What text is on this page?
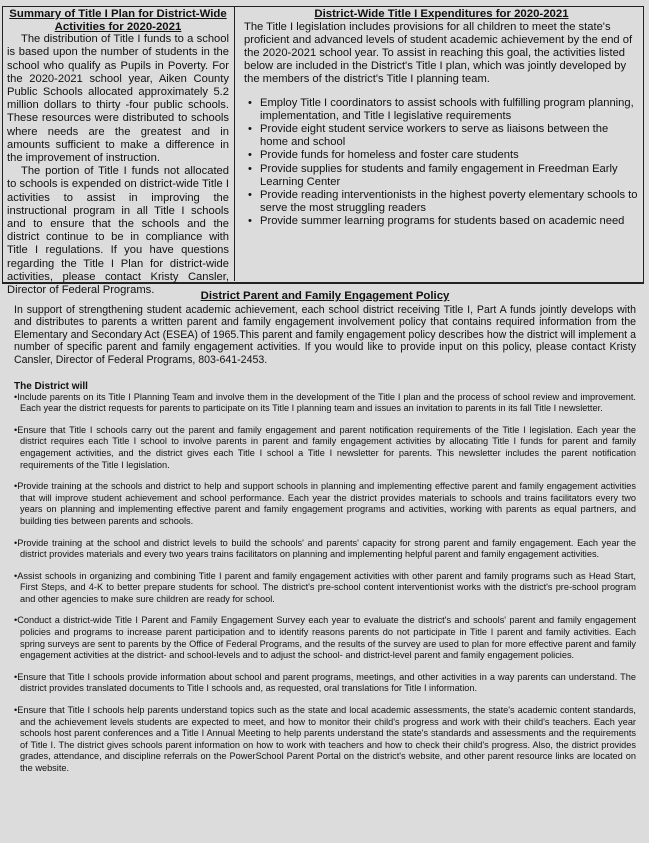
Summary of Title I Plan for District-Wide Activities for 2020-2021

The distribution of Title I funds to a school is based upon the number of students in the school who qualify as Pupils in Poverty. For the 2020-2021 school year, Aiken County Public Schools allocated approximately 5.2 million dollars to thirty -four public schools. These resources were distributed to schools where needs are the greatest and in amounts sufficient to make a difference in the improvement of instruction.

The portion of Title I funds not allocated to schools is expended on district-wide Title I activities to assist in improving the instructional program in all Title I schools and to ensure that the schools and the district continue to be in compliance with Title I regulations. If you have questions regarding the Title I Plan for district-wide activities, please contact Kristy Cansler, Director of Federal Programs.

District-Wide Title I Expenditures for 2020-2021

The Title I legislation includes provisions for all children to meet the state's proficient and advanced levels of student academic achievement by the end of the 2020-2021 school year. To assist in reaching this goal, the activities listed below are included in the District's Title I plan, which was jointly developed by the members of the district's Title I planning team.

• Employ Title I coordinators to assist schools with fulfilling program planning, implementation, and Title I legislative requirements
• Provide eight student service workers to serve as liaisons between the home and school
• Provide funds for homeless and foster care students
• Provide supplies for students and family engagement in Freedman Early Learning Center
• Provide reading interventionists in the highest poverty elementary schools to serve the most struggling readers
• Provide summer learning programs for students based on academic need

District Parent and Family Engagement Policy

In support of strengthening student academic achievement, each school district receiving Title I, Part A funds jointly develops with and distributes to parents a written parent and family engagement involvement policy that contains required information from the Elementary and Secondary Act (ESEA) of 1965.This parent and family engagement policy describes how the district will implement a number of specific parent and family engagement activities. If you would like to provide input on this policy, please contact Kristy Cansler, Director of Federal Programs, 803-641-2453.

The District will

•Include parents on its Title I Planning Team and involve them in the development of the Title I plan and the process of school review and improvement. Each year the district requests for parents to participate on its Title I planning team and issues an invitation to parents in its fall Title I newsletter.

•Ensure that Title I schools carry out the parent and family engagement and parent notification requirements of the Title I legislation. Each year the district requires each Title I school to involve parents in parent and family engagement activities by allocating Title I funds for parent and family engagement activities, and the district gives each Title I school a Title I newsletter for parents. This newsletter includes the parent notification requirements of the Title I legislation.

•Provide training at the schools and district to help and support schools in planning and implementing effective parent and family engagement activities that will improve student achievement and school performance. Each year the district provides materials to schools and trains facilitators every two years on planning and implementing effective parent and family engagement programs and activities, working with parents as equal partners, and building ties between parents and schools.

•Provide training at the school and district levels to build the schools' and parents' capacity for strong parent and family engagement. Each year the district provides materials and every two years trains facilitators on planning and implementing helpful parent and family engagement activities.

•Assist schools in organizing and combining Title I parent and family engagement activities with other parent and family programs such as Head Start, First Steps, and 4-K to better prepare students for school. The district's pre-school content interventionist works with the district's pre-school program and other agencies to make sure children are ready for school.

•Conduct a district-wide Title I Parent and Family Engagement Survey each year to evaluate the district's and schools' parent and family engagement policies and programs to increase parent participation and to identify reasons parents do not participate in Title I parent and family activities. Each spring surveys are sent to parents by the Office of Federal Programs, and the results of the survey are used to plan for more effective parent and family engagement activities at the district- and school-levels and to adjust the school- and district-level parent and family engagement policies.

•Ensure that Title I schools provide information about school and parent programs, meetings, and other activities in a way parents can understand. The district provides translated documents to Title I schools and, as requested, oral translations for Title I information.

•Ensure that Title I schools help parents understand topics such as the state and local academic assessments, the state's academic content standards, and the achievement levels students are expected to meet, and how to monitor their child's progress and work with their child's teachers. Each year schools host parent conferences and a Title I Annual Meeting to help parents understand the state's standards and assessments and the requirements of Title I. The district gives schools parent information on how to work with teachers and how to check their child's progress. Also, the district provides grades, attendance, and discipline referrals on the PowerSchool Parent Portal on the district's website, and other parent resource links are located on the website.
